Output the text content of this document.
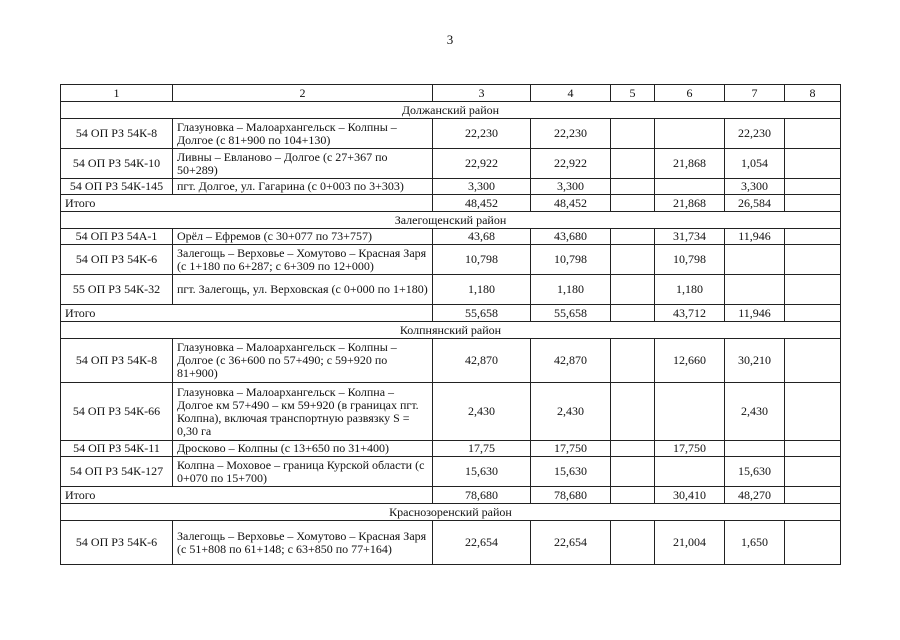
3
1	2	3	4	5	6	7	8
Должанский район							
54 ОП РЗ 54К-8	Глазуновка – Малоархангельск – Колпны – Долгое (с 81+900 по 104+130)	22,230	22,230			22,230	
54 ОП РЗ 54К-10	Ливны – Евланово – Долгое (с 27+367 по 50+289)	22,922	22,922		21,868	1,054	
54 ОП РЗ 54К-145	пгт. Долгое, ул. Гагарина (с 0+003 по 3+303)	3,300	3,300			3,300	
Итого		48,452	48,452		21,868	26,584	
Залегощенский район							
54 ОП РЗ 54А-1	Орёл – Ефремов (с 30+077 по 73+757)	43,68	43,680		31,734	11,946	
54 ОП РЗ 54К-6	Залегощь – Верховье – Хомутово – Красная Заря (с 1+180 по 6+287; с 6+309 по 12+000)	10,798	10,798		10,798		
55 ОП РЗ 54К-32	пгт. Залегощь, ул. Верховская (с 0+000 по 1+180)	1,180	1,180		1,180		
Итого		55,658	55,658		43,712	11,946	
Колпнянский район							
54 ОП РЗ 54К-8	Глазуновка – Малоархангельск – Колпны – Долгое (с 36+600 по 57+490; с 59+920 по 81+900)	42,870	42,870		12,660	30,210	
54 ОП РЗ 54К-66	Глазуновка – Малоархангельск – Колпна – Долгое км 57+490 – км 59+920 (в границах пгт. Колпна), включая транспортную развязку S = 0,30 га	2,430	2,430			2,430	
54 ОП РЗ 54К-11	Дросково – Колпны (с 13+650 по 31+400)	17,75	17,750		17,750		
54 ОП РЗ 54К-127	Колпна – Моховое – граница Курской области (с 0+070 по 15+700)	15,630	15,630			15,630	
Итого		78,680	78,680		30,410	48,270	
Краснозоренский район							
54 ОП РЗ 54К-6	Залегощь – Верховье – Хомутово – Красная Заря (с 51+808 по 61+148; с 63+850 по 77+164)	22,654	22,654		21,004	1,650	
